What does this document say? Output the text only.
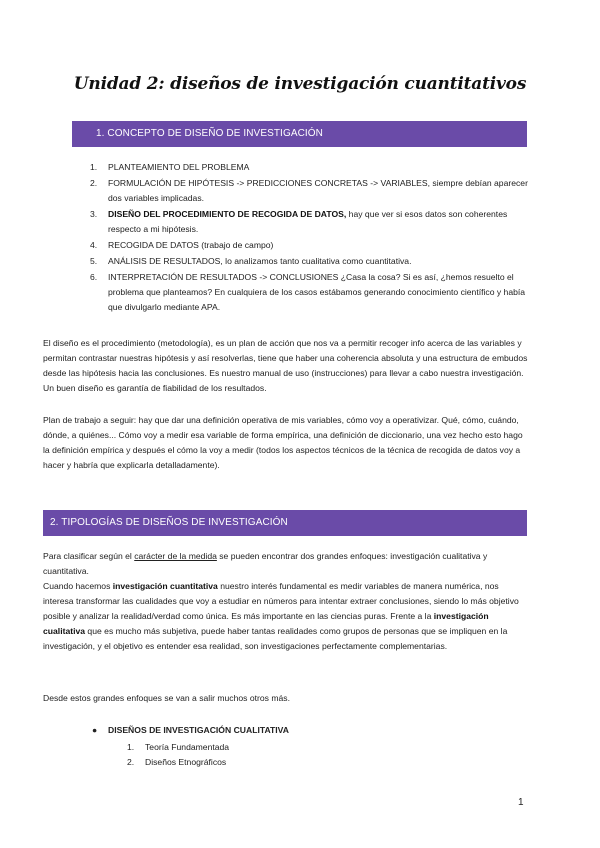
Unidad 2: diseños de investigación cuantitativos
1. CONCEPTO DE DISEÑO DE INVESTIGACIÓN
1. PLANTEAMIENTO DEL PROBLEMA
2. FORMULACIÓN DE HIPÓTESIS -> PREDICCIONES CONCRETAS -> VARIABLES, siempre debían aparecer dos variables implicadas.
3. DISEÑO DEL PROCEDIMIENTO DE RECOGIDA DE DATOS, hay que ver si esos datos son coherentes respecto a mi hipótesis.
4. RECOGIDA DE DATOS (trabajo de campo)
5. ANÁLISIS DE RESULTADOS, lo analizamos tanto cualitativa como cuantitativa.
6. INTERPRETACIÓN DE RESULTADOS -> CONCLUSIONES ¿Casa la cosa? Si es así, ¿hemos resuelto el problema que planteamos? En cualquiera de los casos estábamos generando conocimiento científico y había que divulgarlo mediante APA.

El diseño es el procedimiento (metodología), es un plan de acción que nos va a permitir recoger info acerca de las variables y permitan contrastar nuestras hipótesis y así resolverlas, tiene que haber una coherencia absoluta y una estructura de embudos desde las hipótesis hacia las conclusiones. Es nuestro manual de uso (instrucciones) para llevar a cabo nuestra investigación. Un buen diseño es garantía de fiabilidad de los resultados.

Plan de trabajo a seguir: hay que dar una definición operativa de mis variables, cómo voy a operativizar. Qué, cómo, cuándo, dónde, a quiénes... Cómo voy a medir esa variable de forma empírica, una definición de diccionario, una vez hecho esto hago la definición empírica y después el cómo la voy a medir (todos los aspectos técnicos de la técnica de recogida de datos voy a hacer y habría que explicarla detalladamente).

2. TIPOLOGÍAS DE DISEÑOS DE INVESTIGACIÓN

Para clasificar según el carácter de la medida se pueden encontrar dos grandes enfoques: investigación cualitativa y cuantitativa.
Cuando hacemos investigación cuantitativa nuestro interés fundamental es medir variables de manera numérica, nos interesa transformar las cualidades que voy a estudiar en números para intentar extraer conclusiones, siendo lo más objetivo posible y analizar la realidad/verdad como única. Es más importante en las ciencias puras. Frente a la investigación cualitativa que es mucho más subjetiva, puede haber tantas realidades como grupos de personas que se impliquen en la investigación, y el objetivo es entender esa realidad, son investigaciones perfectamente complementarias.

Desde estos grandes enfoques se van a salir muchos otros más.

● DISEÑOS DE INVESTIGACIÓN CUALITATIVA
1. Teoría Fundamentada
2. Diseños Etnográficos
1
